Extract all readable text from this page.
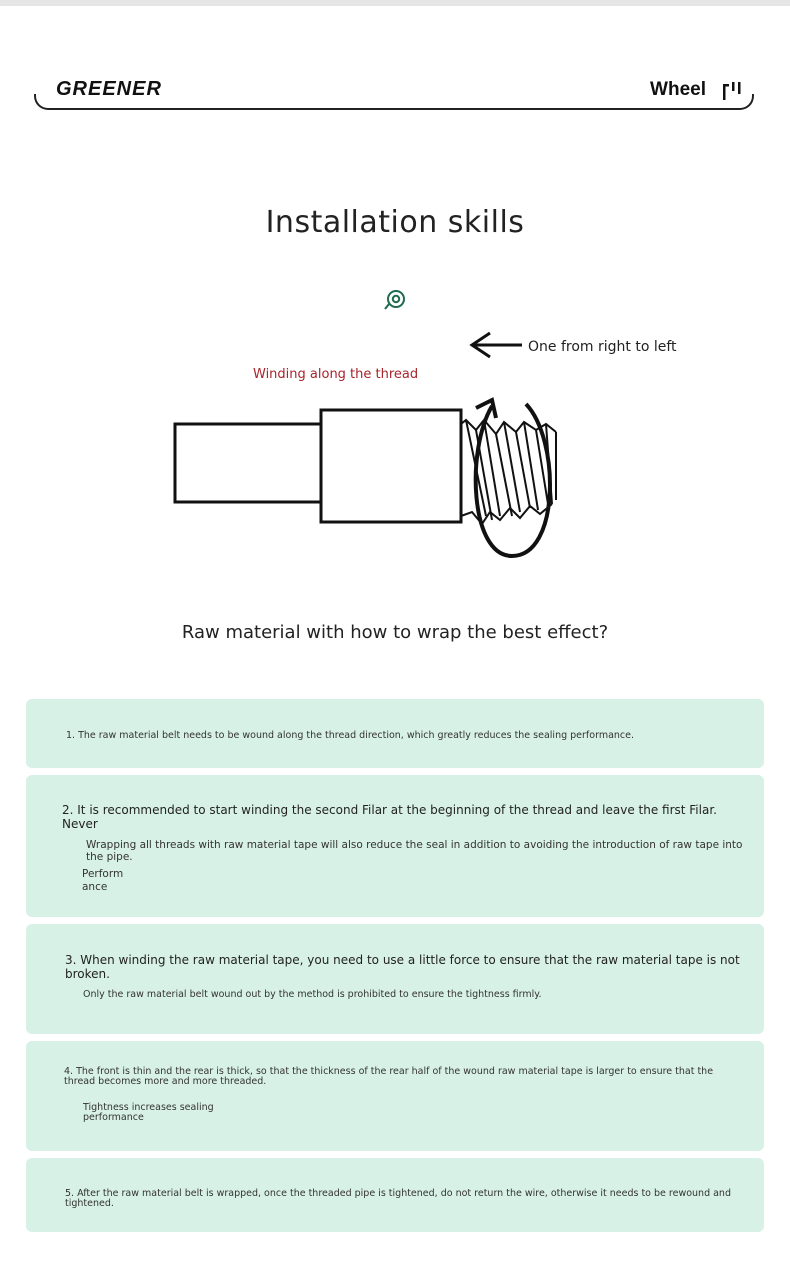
GREENER	Wheel
Installation skills
One from right to left
Winding along the thread
Raw material with how to wrap the best effect?

1. The raw material belt needs to be wound along the thread direction, which greatly reduces the sealing performance.

2. It is recommended to start winding the second Filar at the beginning of the thread and leave the first Filar. Never

Wrapping all threads with raw material tape will also reduce the seal in addition to avoiding the introduction of raw tape into the pipe.

Perform

ance

3. When winding the raw material tape, you need to use a little force to ensure that the raw material tape is not broken.

Only the raw material belt wound out by the method is prohibited to ensure the tightness firmly.

4. The front is thin and the rear is thick, so that the thickness of the rear half of the wound raw material tape is larger to ensure that the thread becomes more and more threaded.

Tightness increases sealing

performance

5. After the raw material belt is wrapped, once the threaded pipe is tightened, do not return the wire, otherwise it needs to be rewound and tightened.
